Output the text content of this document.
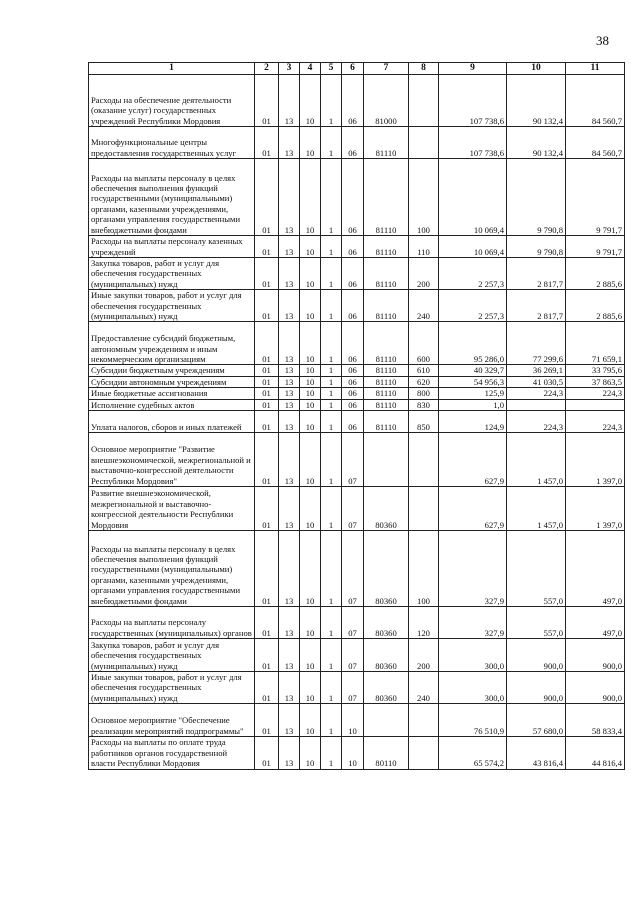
38
1	2	3	4	5	6	7	8	9	10	11
Расходы на обеспечение деятельности (оказание услуг) государственных учреждений Республики Мордовия	01	13	10	1	06	81000		107 738,6	90 132,4	84 560,7
Многофункциональные центры предоставления государственных услуг	01	13	10	1	06	81110		107 738,6	90 132,4	84 560,7
Расходы на выплаты персоналу в целях обеспечения выполнения функций государственными (муниципальными) органами, казенными учреждениями, органами управления государственными внебюджетными фондами	01	13	10	1	06	81110	100	10 069,4	9 790,8	9 791,7
Расходы на выплаты персоналу казенных учреждений	01	13	10	1	06	81110	110	10 069,4	9 790,8	9 791,7
Закупка товаров, работ и услуг для обеспечения государственных (муниципальных) нужд	01	13	10	1	06	81110	200	2 257,3	2 817,7	2 885,6
Иные закупки товаров, работ и услуг для обеспечения государственных (муниципальных) нужд	01	13	10	1	06	81110	240	2 257,3	2 817,7	2 885,6
Предоставление субсидий бюджетным, автономным учреждениям и иным некоммерческим организациям	01	13	10	1	06	81110	600	95 286,0	77 299,6	71 659,1
Субсидии бюджетным учреждениям	01	13	10	1	06	81110	610	40 329,7	36 269,1	33 795,6
Субсидии автономным учреждениям	01	13	10	1	06	81110	620	54 956,3	41 030,5	37 863,5
Иные бюджетные ассигнования	01	13	10	1	06	81110	800	125,9	224,3	224,3
Исполнение судебных актов	01	13	10	1	06	81110	830	1,0		
Уплата налогов, сборов и иных платежей	01	13	10	1	06	81110	850	124,9	224,3	224,3
Основное мероприятие "Развитие внешнеэкономической, межрегиональной и выставочно-конгрессной деятельности Республики Мордовия"	01	13	10	1	07			627,9	1 457,0	1 397,0
Развитие внешнеэкономической, межрегиональной и выставочно-конгрессной деятельности Республики Мордовия	01	13	10	1	07	80360		627,9	1 457,0	1 397,0
Расходы на выплаты персоналу в целях обеспечения выполнения функций государственными (муниципальными) органами, казенными учреждениями, органами управления государственными внебюджетными фондами	01	13	10	1	07	80360	100	327,9	557,0	497,0
Расходы на выплаты персоналу государственных (муниципальных) органов	01	13	10	1	07	80360	120	327,9	557,0	497,0
Закупка товаров, работ и услуг для обеспечения государственных (муниципальных) нужд	01	13	10	1	07	80360	200	300,0	900,0	900,0
Иные закупки товаров, работ и услуг для обеспечения государственных (муниципальных) нужд	01	13	10	1	07	80360	240	300,0	900,0	900,0
Основное мероприятие "Обеспечение реализации мероприятий подпрограммы"	01	13	10	1	10			76 510,9	57 680,0	58 833,4
Расходы на выплаты по оплате труда работников органов государственной власти Республики Мордовия	01	13	10	1	10	80110		65 574,2	43 816,4	44 816,4
